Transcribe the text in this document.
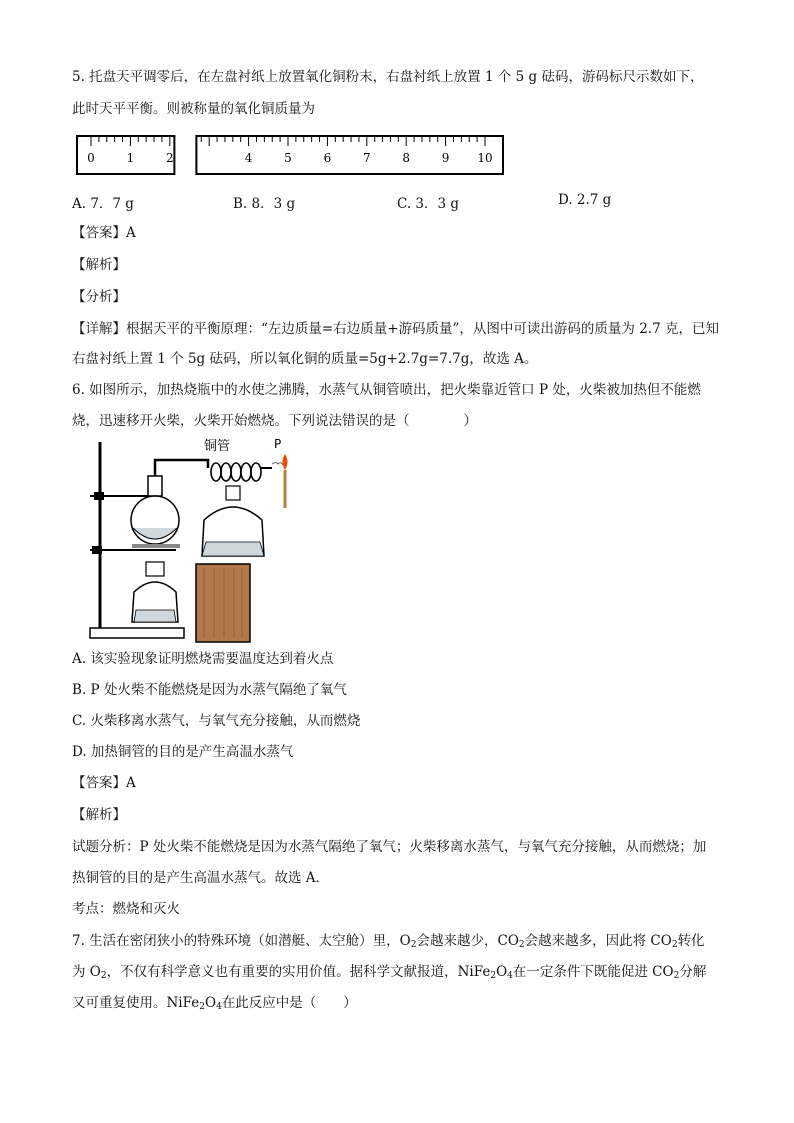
5. 托盘天平调零后，在左盘衬纸上放置氧化铜粉末，右盘衬纸上放置 1 个 5 g 砝码，游码标尺示数如下，
此时天平平衡。则被称量的氧化铜质量为
0	1	2	4	5	6	7	8	9 10
A. 7．7 g	B. 8．3 g	C. 3．3 g	D. 2.7 g
【答案】A
【解析】
【分析】
【详解】根据天平的平衡原理：“左边质量=右边质量+游码质量”，从图中可读出游码的质量为 2.7 克，已知
右盘衬纸上置 1 个 5g 砝码，所以氧化铜的质量=5g+2.7g=7.7g，故选 A。
6. 如图所示，加热烧瓶中的水使之沸腾，水蒸气从铜管喷出，把火柴靠近管口 P 处，火柴被加热但不能燃
烧，迅速移开火柴，火柴开始燃烧。下列说法错误的是（　　　　）
铜管	P
A. 该实验现象证明燃烧需要温度达到着火点
B. P 处火柴不能燃烧是因为水蒸气隔绝了氧气
C. 火柴移离水蒸气，与氧气充分接触，从而燃烧
D. 加热铜管的目的是产生高温水蒸气
【答案】A
【解析】
试题分析：P 处火柴不能燃烧是因为水蒸气隔绝了氧气；火柴移离水蒸气，与氧气充分接触，从而燃烧；加
热铜管的目的是产生高温水蒸气。故选 A．
考点：燃烧和灭火
7. 生活在密闭狭小的特殊环境（如潜艇、太空舱）里，$O_2$会越来越少，$CO_2$会越来越多，因此将 $CO_2$转化
为 $O_2$，不仅有科学意义也有重要的实用价值。据科学文献报道，$NiFe_2O_4$在一定条件下既能促进 $CO_2$分解
又可重复使用。$NiFe_2O_4$在此反应中是（　　）
